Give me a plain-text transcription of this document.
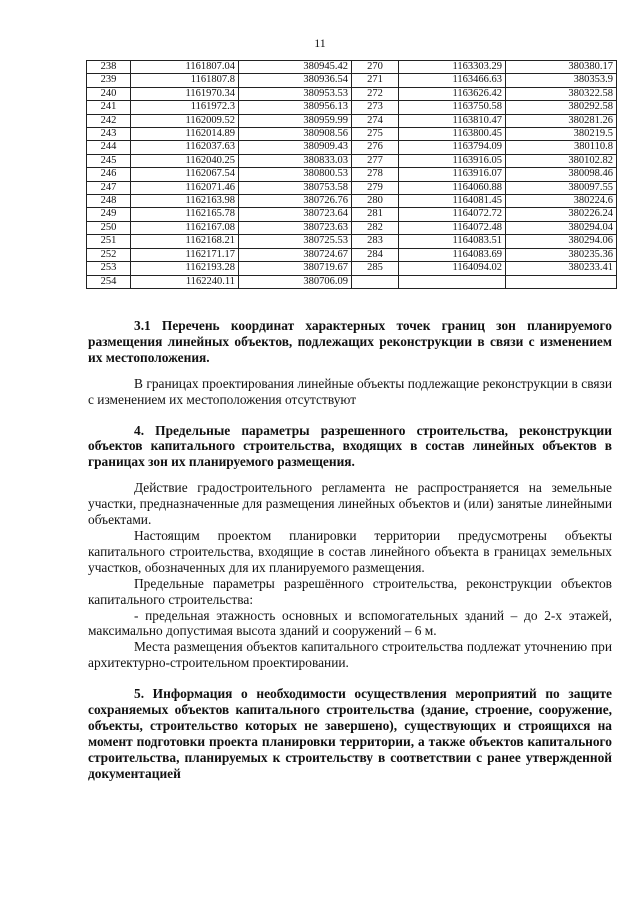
11
238	1161807.04	380945.42	270	1163303.29	380380.17
239	1161807.8	380936.54	271	1163466.63	380353.9
240	1161970.34	380953.53	272	1163626.42	380322.58
241	1161972.3	380956.13	273	1163750.58	380292.58
242	1162009.52	380959.99	274	1163810.47	380281.26
243	1162014.89	380908.56	275	1163800.45	380219.5
244	1162037.63	380909.43	276	1163794.09	380110.8
245	1162040.25	380833.03	277	1163916.05	380102.82
246	1162067.54	380800.53	278	1163916.07	380098.46
247	1162071.46	380753.58	279	1164060.88	380097.55
248	1162163.98	380726.76	280	1164081.45	380224.6
249	1162165.78	380723.64	281	1164072.72	380226.24
250	1162167.08	380723.63	282	1164072.48	380294.04
251	1162168.21	380725.53	283	1164083.51	380294.06
252	1162171.17	380724.67	284	1164083.69	380235.36
253	1162193.28	380719.67	285	1164094.02	380233.41
254	1162240.11	380706.09			

3.1 Перечень координат характерных точек границ зон планируемого размещения линейных объектов, подлежащих реконструкции в связи с изменением их местоположения.

В границах проектирования линейные объекты подлежащие реконструкции в связи с изменением их местоположения отсутствуют

4. Предельные параметры разрешенного строительства, реконструкции объектов капитального строительства, входящих в состав линейных объектов в границах зон их планируемого размещения.

Действие градостроительного регламента не распространяется на земельные участки, предназначенные для размещения линейных объектов и (или) занятые линейными объектами.

Настоящим проектом планировки территории предусмотрены объекты капитального строительства, входящие в состав линейного объекта в границах земельных участков, обозначенных для их планируемого размещения.

Предельные параметры разрешённого строительства, реконструкции объектов капитального строительства:

- предельная этажность основных и вспомогательных зданий – до 2-х этажей, максимально допустимая высота зданий и сооружений – 6 м.

Места размещения объектов капитального строительства подлежат уточнению при архитектурно-строительном проектировании.

5. Информация о необходимости осуществления мероприятий по защите сохраняемых объектов капитального строительства (здание, строение, сооружение, объекты, строительство которых не завершено), существующих и строящихся на момент подготовки проекта планировки территории, а также объектов капитального строительства, планируемых к строительству в соответствии с ранее утвержденной документацией
